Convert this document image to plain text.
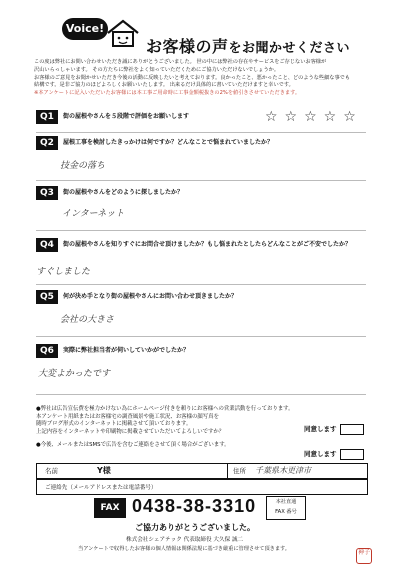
Voice!
お客様の声をお聞かせください
この度は弊社にお問い合わせいただき誠にありがとうございました。 世の中には弊社の存在やサービスをご存じないお客様が
沢山いらっしゃいます。 その方たちに弊社をよく知っていただくためにご協力いただけないでしょうか。
お客様のご意見をお聞かせいただき今後の活動に反映したいと考えております。良かったこと、悪かったこと、どのような些細な事でも
結構です。是非ご協力のほどよろしくお願いいたします。 出来るだけ具体的に書いていただけますと幸いです。
※本アンケートに記入いただいたお客様には本工事ご用命時に工事金額税抜きの2%を値引きさせていただきます。
Q1	街の屋根やさんを５段階で評価をお願いします	☆☆☆☆☆
Q2	屋根工事を検討したきっかけは何ですか？どんなことで悩まれていましたか？
技金の落ち
Q3	街の屋根やさんをどのように探しましたか？
インターネット
Q4	街の屋根やさんを知りすぐにお問合せ頂けましたか？もし悩まれたとしたらどんなことがご不安でしたか？
すぐしました
Q5	何が決め手となり街の屋根やさんにお問い合わせ頂きましたか？
会社の大きさ
Q6	実際に弊社担当者が伺いしていかがでしたか？
大変よかったです
●弊社は広告宣伝費を極力かけない為にホームページ付きを頼りにお客様への営業活動を行っております。
本アンケート用紙またはお客様宅の調査風景や施工状況、お客様の顔写真を
随時ブログ形式のインターネットに掲載させて頂いております。
上記内容をインターネットや印刷物に掲載させていただいてよろしいですか？
●今後、メールまたはSMSで広告を含むご連絡をさせて頂く場合がございます。
同意します
同意します
名前	Y様	住所 千葉県木更津市
ご連絡先（メールアドレスまたは電話番号）
FAX 0438-38-3310	本社直通
FAX 番号
ご協力ありがとうございました。
株式会社シェアテック 代表取締役 大久保 誠二
当アンケートで収得したお客様の個人情報は関係法規に基づき厳重に管理させて頂きます。	神子
